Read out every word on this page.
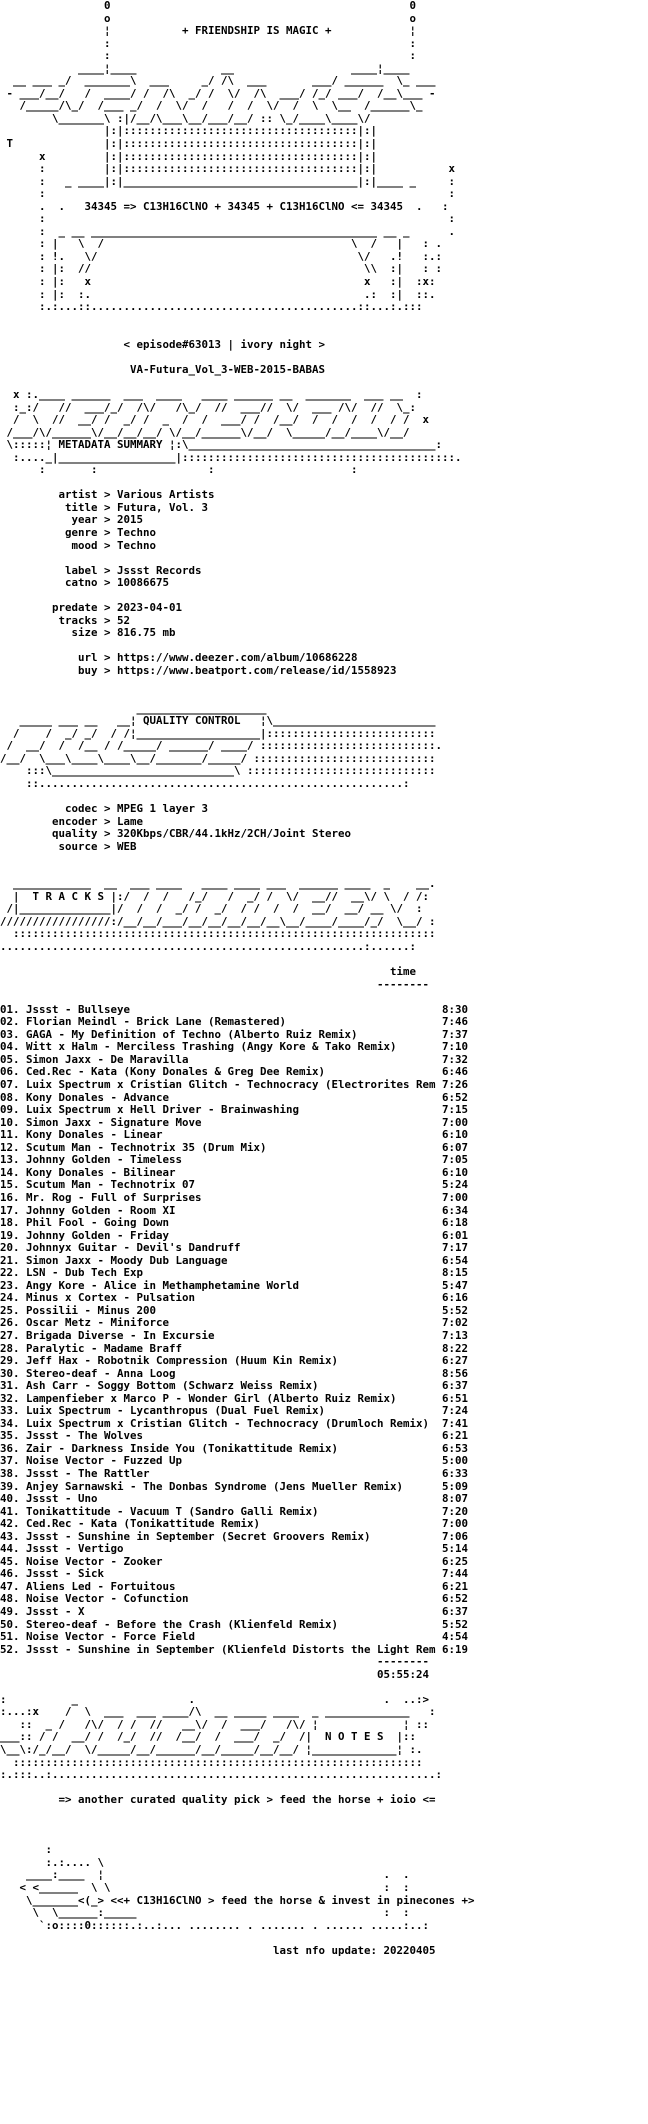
0                                              0
o                                              o
¦           + FRIENDSHIP IS MAGIC +            ¦
:                                              :
:                                              :
____¦____             __                  ____¦____
__ ___ _/  _______\  ___     _/ /\  ___       ___/ ______  \_ ___
- ___/__/   /  ____/ /  /\  _/ /  \/  /\  ___/ /_/ ___/  /__\___ -
/_____/\_/  /___ _/  /  \/  /   /  /  \/  /  \  \__  /______\_
\_______\ :|/__/\___\__/___/__/ :: \_/____\____\/
|:|::::::::::::::::::::::::::::::::::::|:|
T              |:|::::::::::::::::::::::::::::::::::::|:|
x         |:|::::::::::::::::::::::::::::::::::::|:|
:         |:|::::::::::::::::::::::::::::::::::::|:|           x
:   _ ____|:|____________________________________|:|____ _     :
:                                                              :
.  .   34345 => C13H16ClNO + 34345 + C13H16ClNO <= 34345  .   :
:                                                              :
:  _ __ ____________________________________________ __ _      .
: |   \  /                                      \  /   |   : .
: !.   \/                                        \/   .!   :.:
: |:  //                                          \\  :|   : :
: |:   x                                          x   :|  :x:
: |:  :.                                          .:  :|  ::.
:.:...::.........................................::...:.:::
< episode#63013 | ivory night >
VA-Futura_Vol_3-WEB-2015-BABAS
x :.____ ______  ___  ____   ____ ______ __  _______  ___ __  :
:_:/   //  ___/_/  /\/   /\_/  //  ___//  \/  ___ /\/  //  \_:
/  \  //  __/ /  _/ /  _  /  /  ___/ /  /__/  /  /  /  /  / /  x
/___/\/______\/__/__/__/ \/__/______\/__/  \_____/__/____\/__/
\:::::¦ METADATA SUMMARY ¦:\______________________________________:
:...._|__________________|::::::::::::::::::::::::::::::::::::::::::.
:       :                 :                     :
artist > Various Artists
title > Futura, Vol. 3
year > 2015
genre > Techno
mood > Techno
label > Jssst Records
catno > 10086675
predate > 2023-04-01
tracks > 52
size > 816.75 mb
url > https://www.deezer.com/album/10686228
buy > https://www.beatport.com/release/id/1558923
____________________
_____ ___ __   __¦ QUALITY CONTROL   ¦\_________________________
/    /  _/ _/  / /¦___________________|::::::::::::::::::::::::::
/  __/  /  /__ / /_____/ ______/ ____/ :::::::::::::::::::::::::::.
/__/  \___\____\____\__/_______/_____/ ::::::::::::::::::::::::::::
:::\____________________________\ :::::::::::::::::::::::::::::
::........................................................:
codec > MPEG 1 layer 3
encoder > Lame
quality > 320Kbps/CBR/44.1kHz/2CH/Joint Stereo
source > WEB
____________  __  ___ ____   ____ ____ ___  ______ ____  _    __.
|  T R A C K S |:/  /  /   /_/   /  _/ /  \/  __//  __\/ \  / /:
/|______________|/  /  /  _/ /  _/  / /  /  /  __/  __/ __ \/  :
/////////////////:/__/__/___/__/__/__/__/__\__/____/____/_/  \__/ :
:::::::::::::::::::::::::::::::::::::::::::::::::::::::::::::::::
........................................................:......:
time
--------
01. Jssst - Bullseye                                                8:30
02. Florian Meindl - Brick Lane (Remastered)                        7:46
03. GAGA - My Definition of Techno (Alberto Ruiz Remix)             7:37
04. Witt x Halm - Merciless Trashing (Angy Kore & Tako Remix)       7:10
05. Simon Jaxx - De Maravilla                                       7:32
06. Ced.Rec - Kata (Kony Donales & Greg Dee Remix)                  6:46
07. Luix Spectrum x Cristian Glitch - Technocracy (Electrorites Rem 7:26
08. Kony Donales - Advance                                          6:52
09. Luix Spectrum x Hell Driver - Brainwashing                      7:15
10. Simon Jaxx - Signature Move                                     7:00
11. Kony Donales - Linear                                           6:10
12. Scutum Man - Technotrix 35 (Drum Mix)                           6:07
13. Johnny Golden - Timeless                                        7:05
14. Kony Donales - Bilinear                                         6:10
15. Scutum Man - Technotrix 07                                      5:24
16. Mr. Rog - Full of Surprises                                     7:00
17. Johnny Golden - Room XI                                         6:34
18. Phil Fool - Going Down                                          6:18
19. Johnny Golden - Friday                                          6:01
20. Johnnyx Guitar - Devil's Dandruff                               7:17
21. Simon Jaxx - Moody Dub Language                                 6:54
22. LSN - Dub Tech Exp                                              8:15
23. Angy Kore - Alice in Methamphetamine World                      5:47
24. Minus x Cortex - Pulsation                                      6:16
25. Possilii - Minus 200                                            5:52
26. Oscar Metz - Miniforce                                          7:02
27. Brigada Diverse - In Excursie                                   7:13
28. Paralytic - Madame Braff                                        8:22
29. Jeff Hax - Robotnik Compression (Huum Kin Remix)                6:27
30. Stereo-deaf - Anna Loog                                         8:56
31. Ash Carr - Soggy Bottom (Schwarz Weiss Remix)                   6:37
32. Lampenfieber x Marco P - Wonder Girl (Alberto Ruiz Remix)       6:51
33. Luix Spectrum - Lycanthropus (Dual Fuel Remix)                  7:24
34. Luix Spectrum x Cristian Glitch - Technocracy (Drumloch Remix)  7:41
35. Jssst - The Wolves                                              6:21
36. Zair - Darkness Inside You (Tonikattitude Remix)                6:53
37. Noise Vector - Fuzzed Up                                        5:00
38. Jssst - The Rattler                                             6:33
39. Anjey Sarnawski - The Donbas Syndrome (Jens Mueller Remix)      5:09
40. Jssst - Uno                                                     8:07
41. Tonikattitude - Vacuum T (Sandro Galli Remix)                   7:20
42. Ced.Rec - Kata (Tonikattitude Remix)                            7:00
43. Jssst - Sunshine in September (Secret Groovers Remix)           7:06
44. Jssst - Vertigo                                                 5:14
45. Noise Vector - Zooker                                           6:25
46. Jssst - Sick                                                    7:44
47. Aliens Led - Fortuitous                                         6:21
48. Noise Vector - Cofunction                                       6:52
49. Jssst - X                                                       6:37
50. Stereo-deaf - Before the Crash (Klienfeld Remix)                5:52
51. Noise Vector - Force Field                                      4:54
52. Jssst - Sunshine in September (Klienfeld Distorts the Light Rem 6:19
--------
05:55:24
:          _                 .                             .  ..:>
:...:x    /  \  ___  ___ ____/\  __ _____ ____  _ _____________   :
::  _ /   /\/  / /  //   __\/  /  ___/   /\/ ¦             ¦ ::
___:: / /  __/ /  /_/  //  /__/  /  ___/  _/  /|  N O T E S  |::
\__\:/_/__/  \/_____/__/______/__/_____/__/__/ ¦_____________¦ :.
:::::::::::::::::::::::::::::::::::::::::::::::::::::::::::::::
:.:::..:...........................................................:
=> another curated quality pick > feed the horse + ioio <=
:
:.:.... \
____:____  ¦                                           .  .
< <______  \ \                                          :  :
\_______<(_> <<+ C13H16ClNO > feed the horse & invest in pinecones +>
\  \______:_____                                      :  :
`:o::::0::::::.:..:... ........ . ....... . ...... .....:..:
last nfo update: 20220405
